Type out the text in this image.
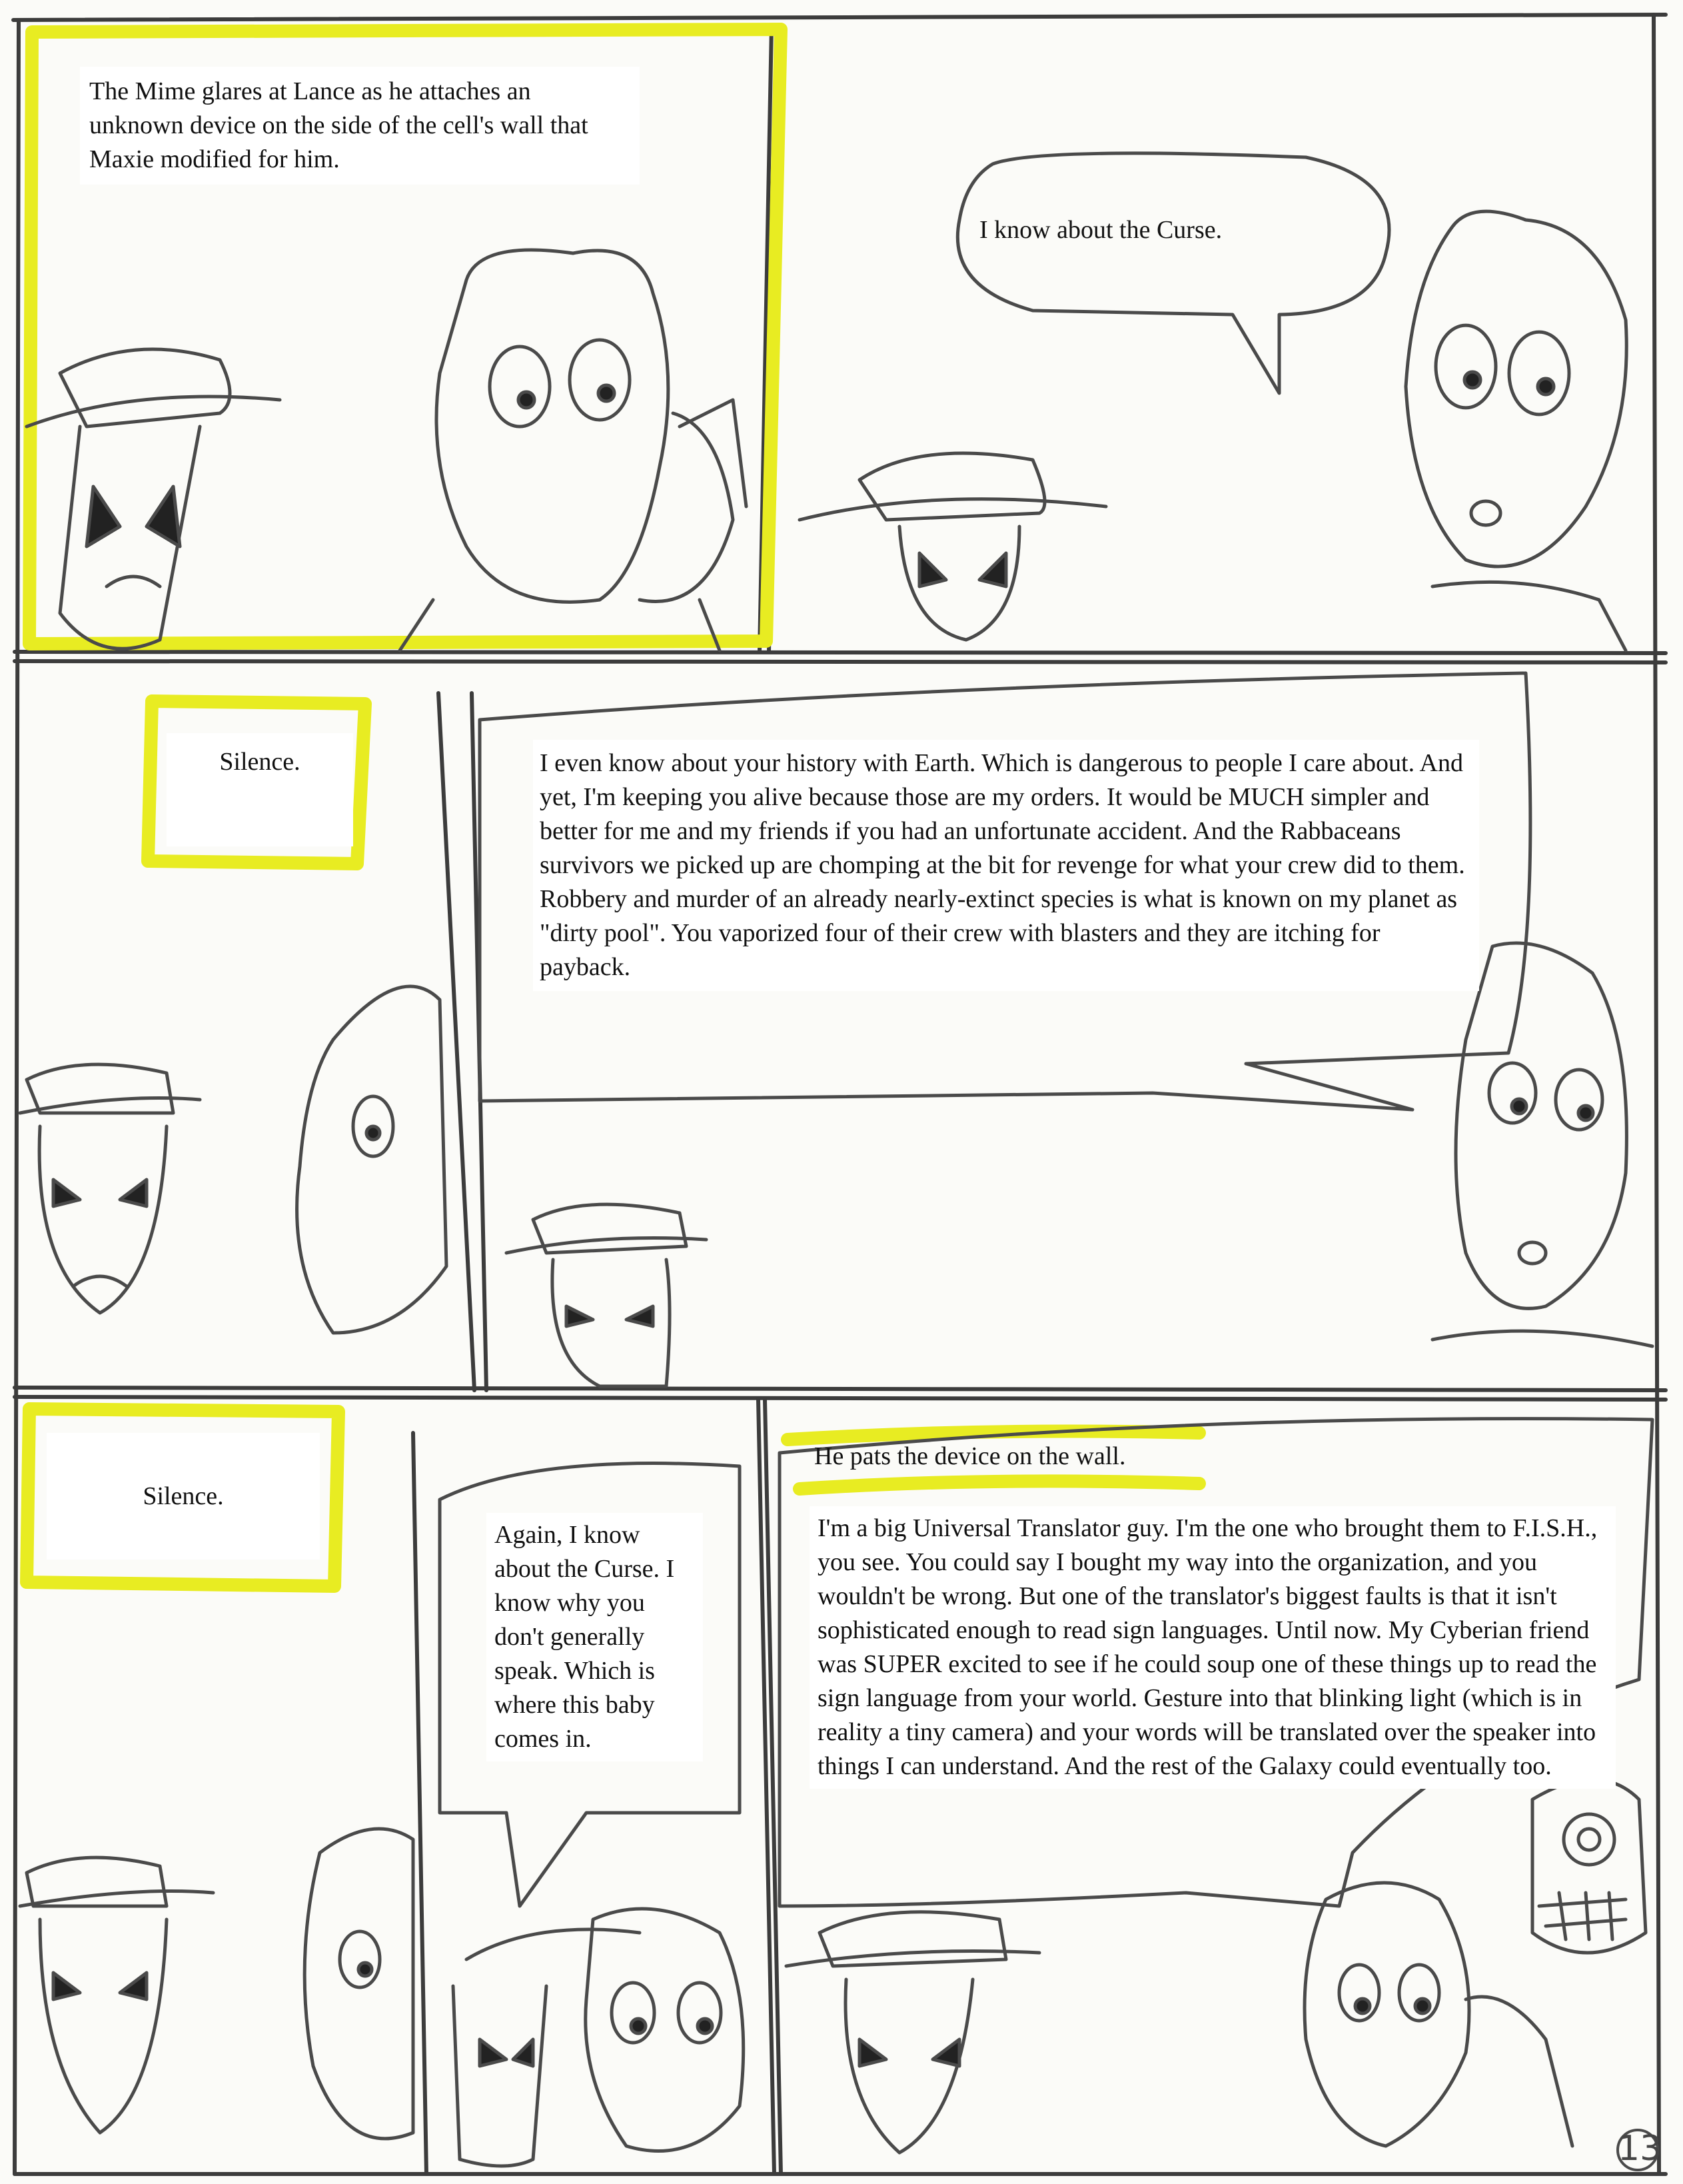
The Mime glares at Lance as he attaches an unknown device on the side of the cell's wall that Maxie modified for him.
I know about the Curse.
Silence.	I even know about your history with Earth. Which is dangerous to people I care about. And yet, I'm keeping you alive because those are my orders. It would be MUCH simpler and better for me and my friends if you had an unfortunate accident. And the Rabbaceans survivors we picked up are chomping at the bit for revenge for what your crew did to them. Robbery and murder of an already nearly-extinct species is what is known on my planet as "dirty pool". You vaporized four of their crew with blasters and they are itching for payback.
Silence.
Again, I know about the Curse. I know why you don't generally speak. Which is where this baby comes in.
He pats the device on the wall.
I'm a big Universal Translator guy. I'm the one who brought them to F.I.S.H., you see. You could say I bought my way into the organization, and you wouldn't be wrong. But one of the translator's biggest faults is that it isn't sophisticated enough to read sign languages. Until now. My Cyberian friend was SUPER excited to see if he could soup one of these things up to read the sign language from your world. Gesture into that blinking light (which is in reality a tiny camera) and your words will be translated over the speaker into things I can understand. And the rest of the Galaxy could eventually too.
13
